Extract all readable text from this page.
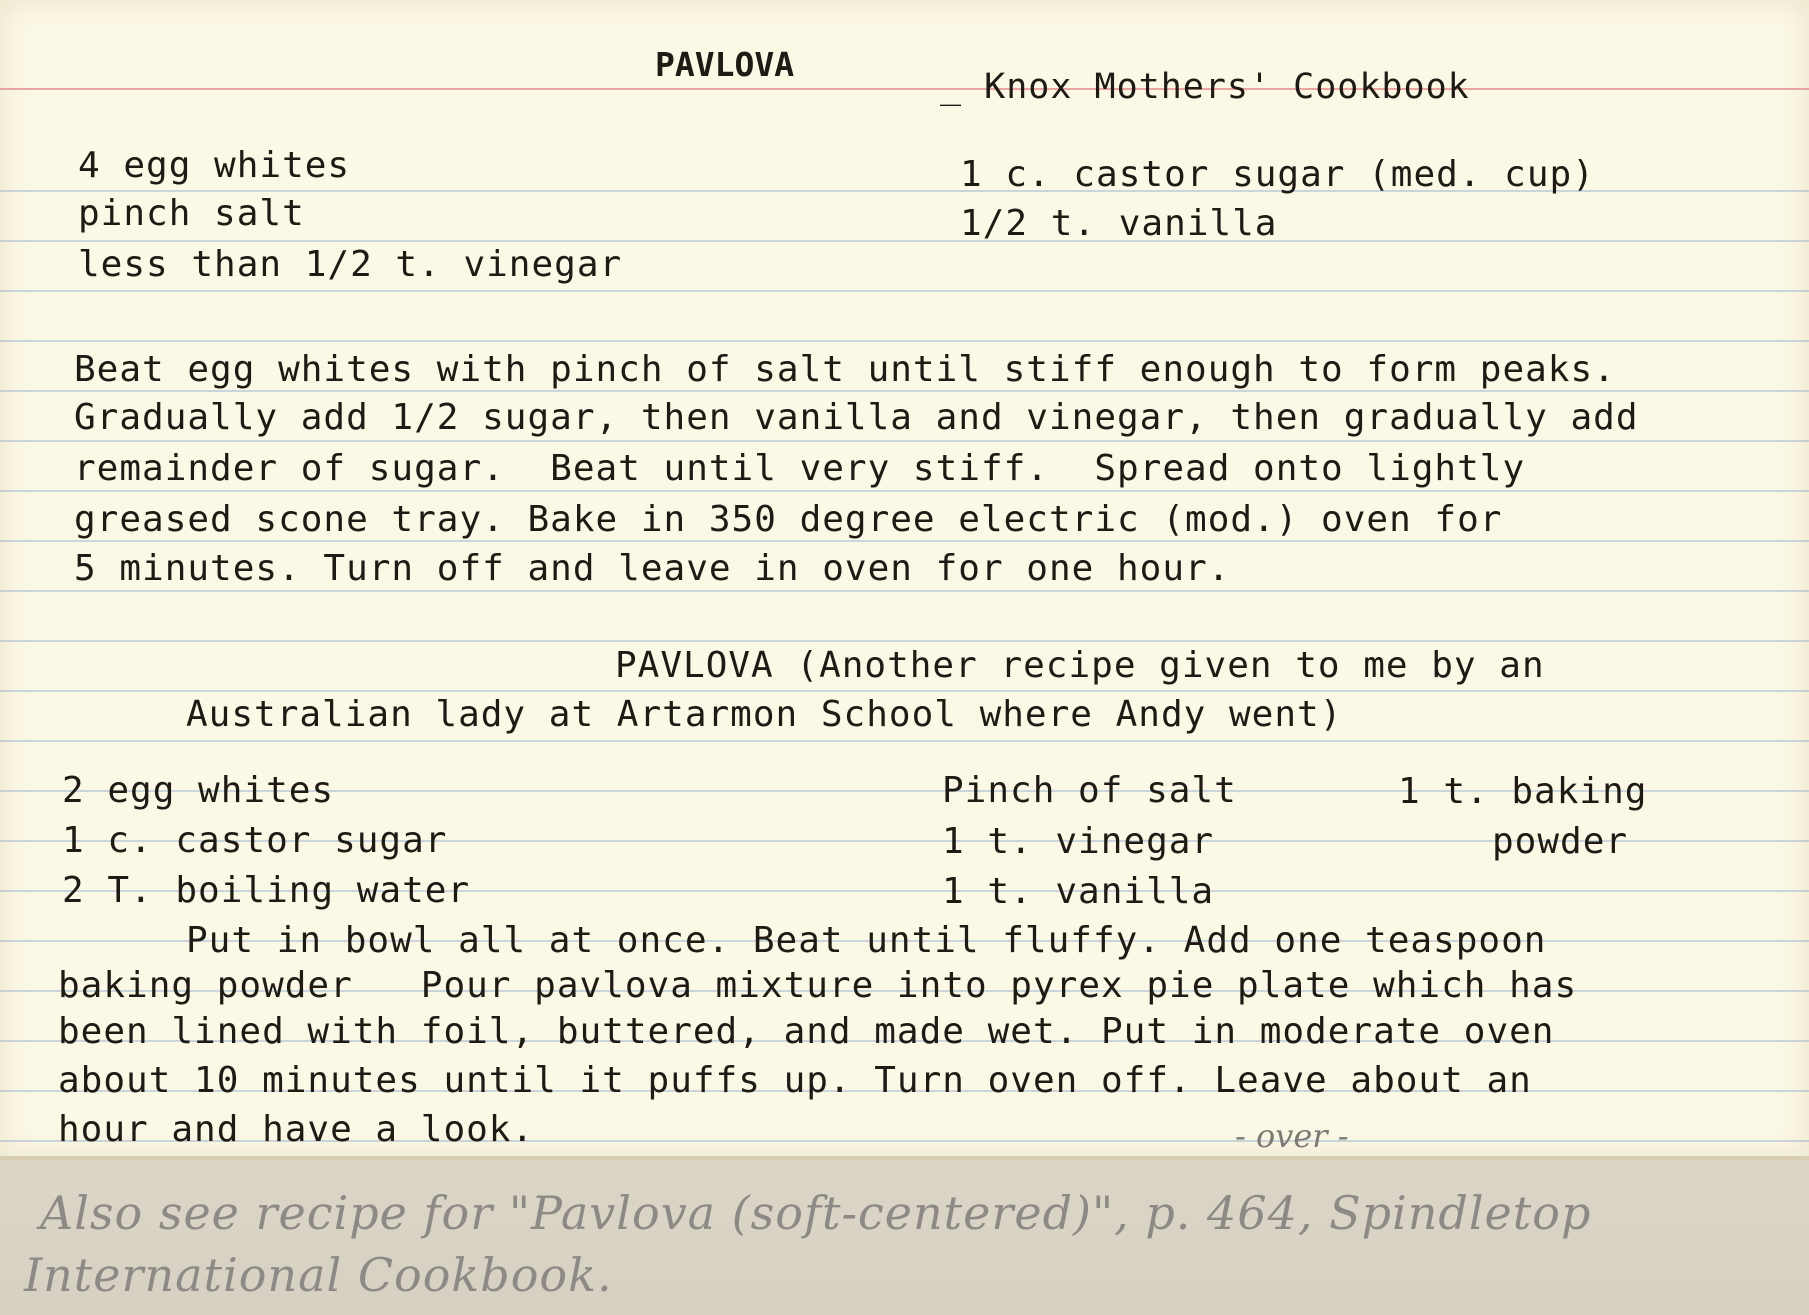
PAVLOVA
_ Knox Mothers' Cookbook
4 egg whites
pinch salt
less than 1/2 t. vinegar
1 c. castor sugar (med. cup)
1/2 t. vanilla
Beat egg whites with pinch of salt until stiff enough to form peaks.
Gradually add 1/2 sugar, then vanilla and vinegar, then gradually add
remainder of sugar.  Beat until very stiff.  Spread onto lightly
greased scone tray. Bake in 350 degree electric (mod.) oven for
5 minutes. Turn off and leave in oven for one hour.
PAVLOVA (Another recipe given to me by an
Australian lady at Artarmon School where Andy went)
2 egg whites
1 c. castor sugar
2 T. boiling water
Pinch of salt
1 t. vinegar
1 t. vanilla
1 t. baking
powder
Put in bowl all at once. Beat until fluffy. Add one teaspoon
baking powder   Pour pavlova mixture into pyrex pie plate which has
been lined with foil, buttered, and made wet. Put in moderate oven
about 10 minutes until it puffs up. Turn oven off. Leave about an
hour and have a look.	- over -
Also see recipe for "Pavlova (soft-centered)", p. 464, Spindletop
International Cookbook.
